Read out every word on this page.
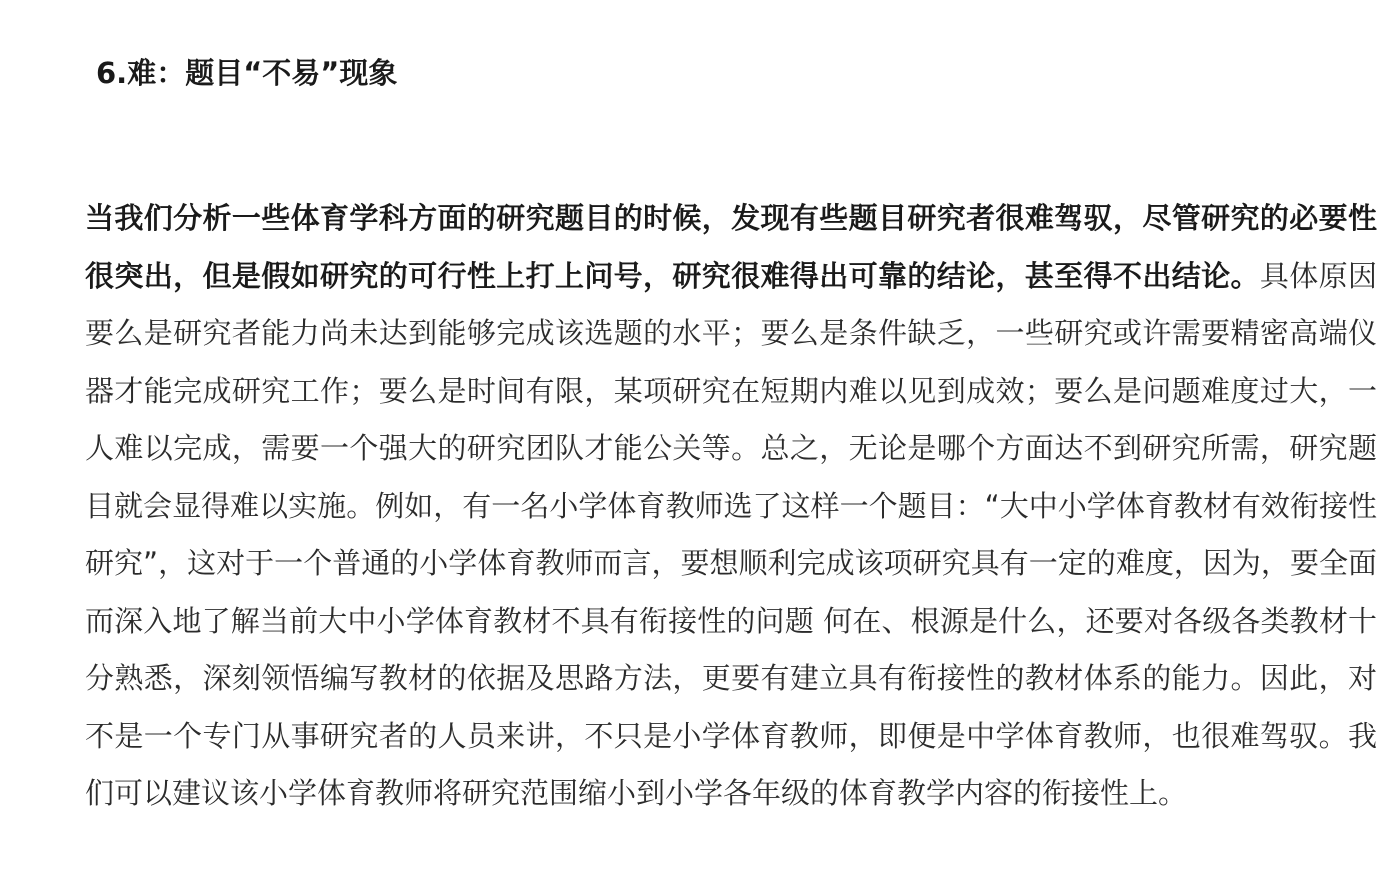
6.难：题目“不易”现象

当我们分析一些体育学科方面的研究题目的时候，发现有些题目研究者很难驾驭，尽管研究的必要性很突出，但是假如研究的可行性上打上问号，研究很难得出可靠的结论，甚至得不出结论。具体原因要么是研究者能力尚未达到能够完成该选题的水平；要么是条件缺乏，一些研究或许需要精密高端仪器才能完成研究工作；要么是时间有限，某项研究在短期内难以见到成效；要么是问题难度过大，一人难以完成，需要一个强大的研究团队才能公关等。总之，无论是哪个方面达不到研究所需，研究题目就会显得难以实施。例如，有一名小学体育教师选了这样一个题目：“大中小学体育教材有效衔接性研究”，这对于一个普通的小学体育教师而言，要想顺利完成该项研究具有一定的难度，因为，要全面而深入地了解当前大中小学体育教材不具有衔接性的问题 何在、根源是什么，还要对各级各类教材十分熟悉，深刻领悟编写教材的依据及思路方法，更要有建立具有衔接性的教材体系的能力。因此，对不是一个专门从事研究者的人员来讲，不只是小学体育教师，即便是中学体育教师，也很难驾驭。我们可以建议该小学体育教师将研究范围缩小到小学各年级的体育教学内容的衔接性上。
